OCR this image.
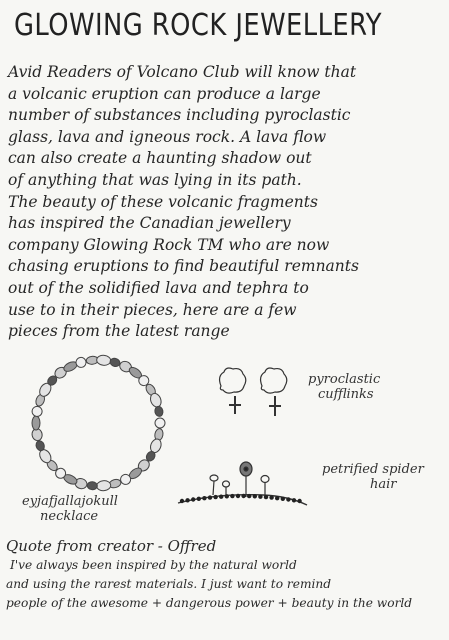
GLOWING ROCK JEWELLERY
Avid Readers of Volcano Club will know that
a volcanic eruption can produce a large
number of substances including pyroclastic
glass, lava and igneous rock. A lava flow
can also create a haunting shadow out
of anything that was lying in its path.
The beauty of these volcanic fragments
has inspired the Canadian jewellery
company Glowing Rock TM who are now
chasing eruptions to find beautiful remnants
out of the solidified lava and tephra to
use to in their pieces, here are a few
pieces from the latest range
pyroclastic
cufflinks
petrified spider
hair
eyjafjallajokull
necklace
Quote from creator - Offred
I've always been inspired by the natural world
and using the rarest materials. I just want to remind
people of the awesome + dangerous power + beauty in the world
